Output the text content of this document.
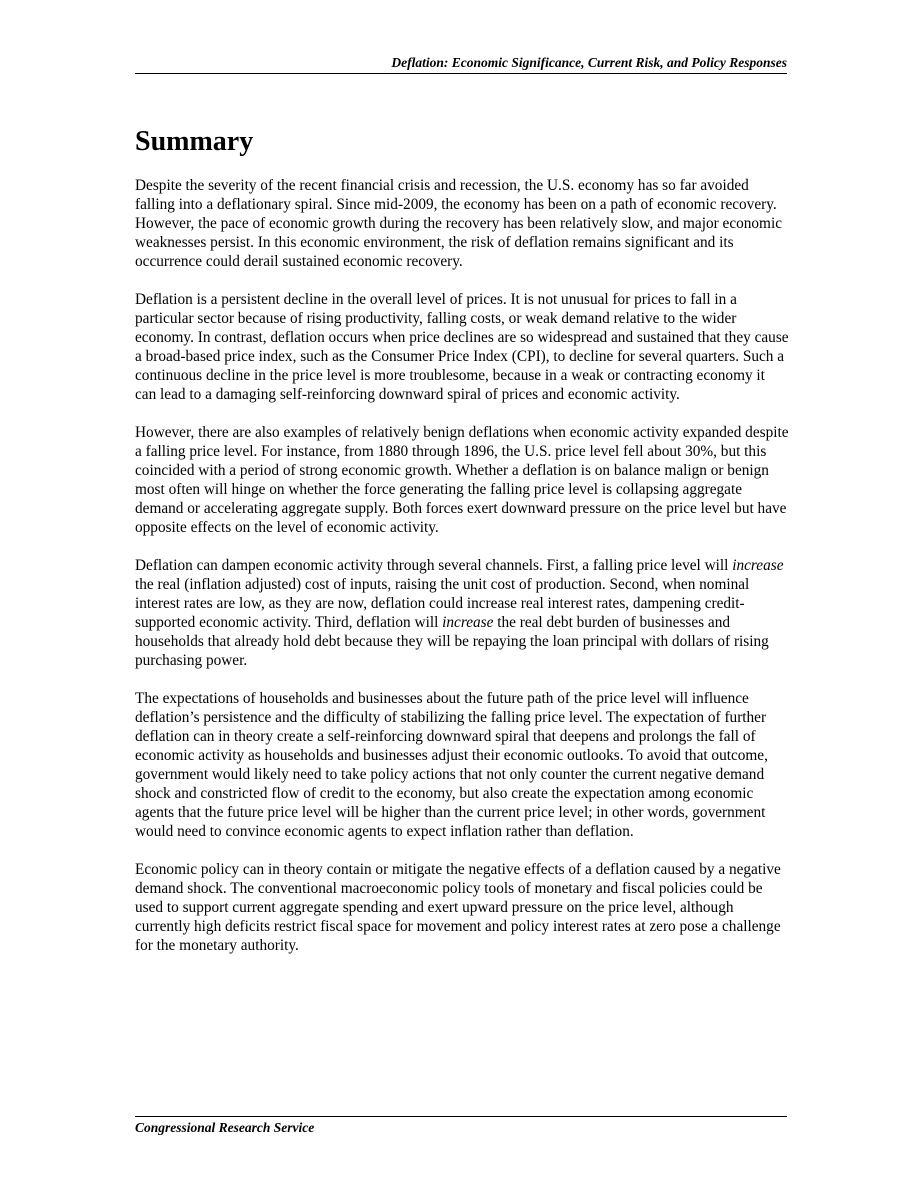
Deflation: Economic Significance, Current Risk, and Policy Responses
Summary

Despite the severity of the recent financial crisis and recession, the U.S. economy has so far avoided falling into a deflationary spiral. Since mid-2009, the economy has been on a path of economic recovery. However, the pace of economic growth during the recovery has been relatively slow, and major economic weaknesses persist. In this economic environment, the risk of deflation remains significant and its occurrence could derail sustained economic recovery.

Deflation is a persistent decline in the overall level of prices. It is not unusual for prices to fall in a particular sector because of rising productivity, falling costs, or weak demand relative to the wider economy. In contrast, deflation occurs when price declines are so widespread and sustained that they cause a broad-based price index, such as the Consumer Price Index (CPI), to decline for several quarters. Such a continuous decline in the price level is more troublesome, because in a weak or contracting economy it can lead to a damaging self-reinforcing downward spiral of prices and economic activity.

However, there are also examples of relatively benign deflations when economic activity expanded despite a falling price level. For instance, from 1880 through 1896, the U.S. price level fell about 30%, but this coincided with a period of strong economic growth. Whether a deflation is on balance malign or benign most often will hinge on whether the force generating the falling price level is collapsing aggregate demand or accelerating aggregate supply. Both forces exert downward pressure on the price level but have opposite effects on the level of economic activity.

Deflation can dampen economic activity through several channels. First, a falling price level will increase the real (inflation adjusted) cost of inputs, raising the unit cost of production. Second, when nominal interest rates are low, as they are now, deflation could increase real interest rates, dampening credit-supported economic activity. Third, deflation will increase the real debt burden of businesses and households that already hold debt because they will be repaying the loan principal with dollars of rising purchasing power.

The expectations of households and businesses about the future path of the price level will influence deflation’s persistence and the difficulty of stabilizing the falling price level. The expectation of further deflation can in theory create a self-reinforcing downward spiral that deepens and prolongs the fall of economic activity as households and businesses adjust their economic outlooks. To avoid that outcome, government would likely need to take policy actions that not only counter the current negative demand shock and constricted flow of credit to the economy, but also create the expectation among economic agents that the future price level will be higher than the current price level; in other words, government would need to convince economic agents to expect inflation rather than deflation.

Economic policy can in theory contain or mitigate the negative effects of a deflation caused by a negative demand shock. The conventional macroeconomic policy tools of monetary and fiscal policies could be used to support current aggregate spending and exert upward pressure on the price level, although currently high deficits restrict fiscal space for movement and policy interest rates at zero pose a challenge for the monetary authority.

Congressional Research Service
